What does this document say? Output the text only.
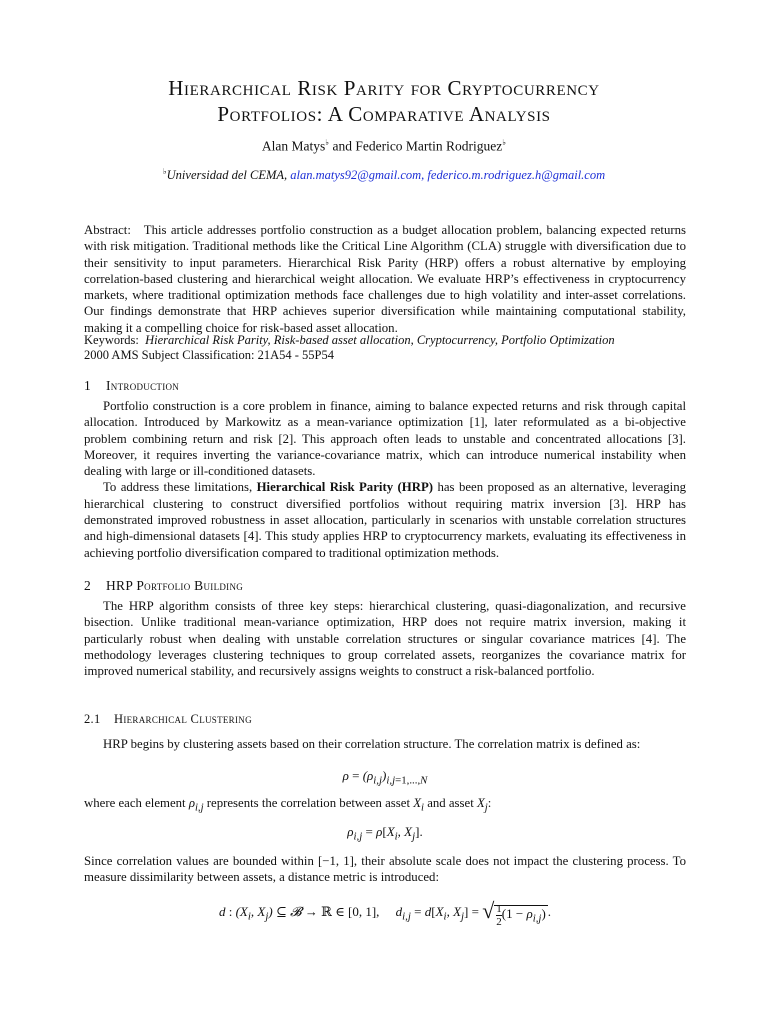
Hierarchical Risk Parity for Cryptocurrency
Portfolios: A Comparative Analysis
Alan Matys♭ and Federico Martin Rodriguez♭
♭Universidad del CEMA, alan.matys92@gmail.com, federico.m.rodriguez.h@gmail.com
Abstract: This article addresses portfolio construction as a budget allocation problem, balancing expected returns with risk mitigation. Traditional methods like the Critical Line Algorithm (CLA) struggle with diversification due to their sensitivity to input parameters. Hierarchical Risk Parity (HRP) offers a robust alternative by employing correlation-based clustering and hierarchical weight allocation. We evaluate HRP’s effectiveness in cryptocurrency markets, where traditional optimization methods face challenges due to high volatility and inter-asset correlations. Our findings demonstrate that HRP achieves superior diversification while maintaining computational stability, making it a compelling choice for risk-based asset allocation.
Keywords: Hierarchical Risk Parity, Risk-based asset allocation, Cryptocurrency, Portfolio Optimization
2000 AMS Subject Classification: 21A54 - 55P54
1 Introduction

Portfolio construction is a core problem in finance, aiming to balance expected returns and risk through capital allocation. Introduced by Markowitz as a mean-variance optimization [1], later reformulated as a bi-objective problem combining return and risk [2]. This approach often leads to unstable and concentrated allocations [3]. Moreover, it requires inverting the variance-covariance matrix, which can introduce numerical instability when dealing with large or ill-conditioned datasets.

To address these limitations, Hierarchical Risk Parity (HRP) has been proposed as an alternative, leveraging hierarchical clustering to construct diversified portfolios without requiring matrix inversion [3]. HRP has demonstrated improved robustness in asset allocation, particularly in scenarios with unstable correlation structures and high-dimensional datasets [4]. This study applies HRP to cryptocurrency markets, evaluating its effectiveness in achieving portfolio diversification compared to traditional optimization methods.

2 HRP Portfolio Building

The HRP algorithm consists of three key steps: hierarchical clustering, quasi-diagonalization, and recursive bisection. Unlike traditional mean-variance optimization, HRP does not require matrix inversion, making it particularly robust when dealing with unstable correlation structures or singular covariance matrices [4]. The methodology leverages clustering techniques to group correlated assets, reorganizes the covariance matrix for improved numerical stability, and recursively assigns weights to construct a risk-balanced portfolio.

2.1 Hierarchical Clustering

HRP begins by clustering assets based on their correlation structure. The correlation matrix is defined as:

$\rho = (\rho_{i,j})_{i,j=1,...,N}$
where each element $\rho_{i,j}$ represents the correlation between asset $X_i$ and asset $X_j$:
$\rho_{i,j} = \rho[X_i$, $X_j$].

Since correlation values are bounded within [−1, 1], their absolute scale does not impact the clustering process. To measure dissimilarity between assets, a distance metric is introduced:

d : ($X_i$, $X_j$) ⊆ 𝓑 → ℝ ∈ [0, 1],     $d_{i,j} = d[X_i$, $X_j$] = √ $\frac{1}{2} (1 - \rho_{i,j})$ .
